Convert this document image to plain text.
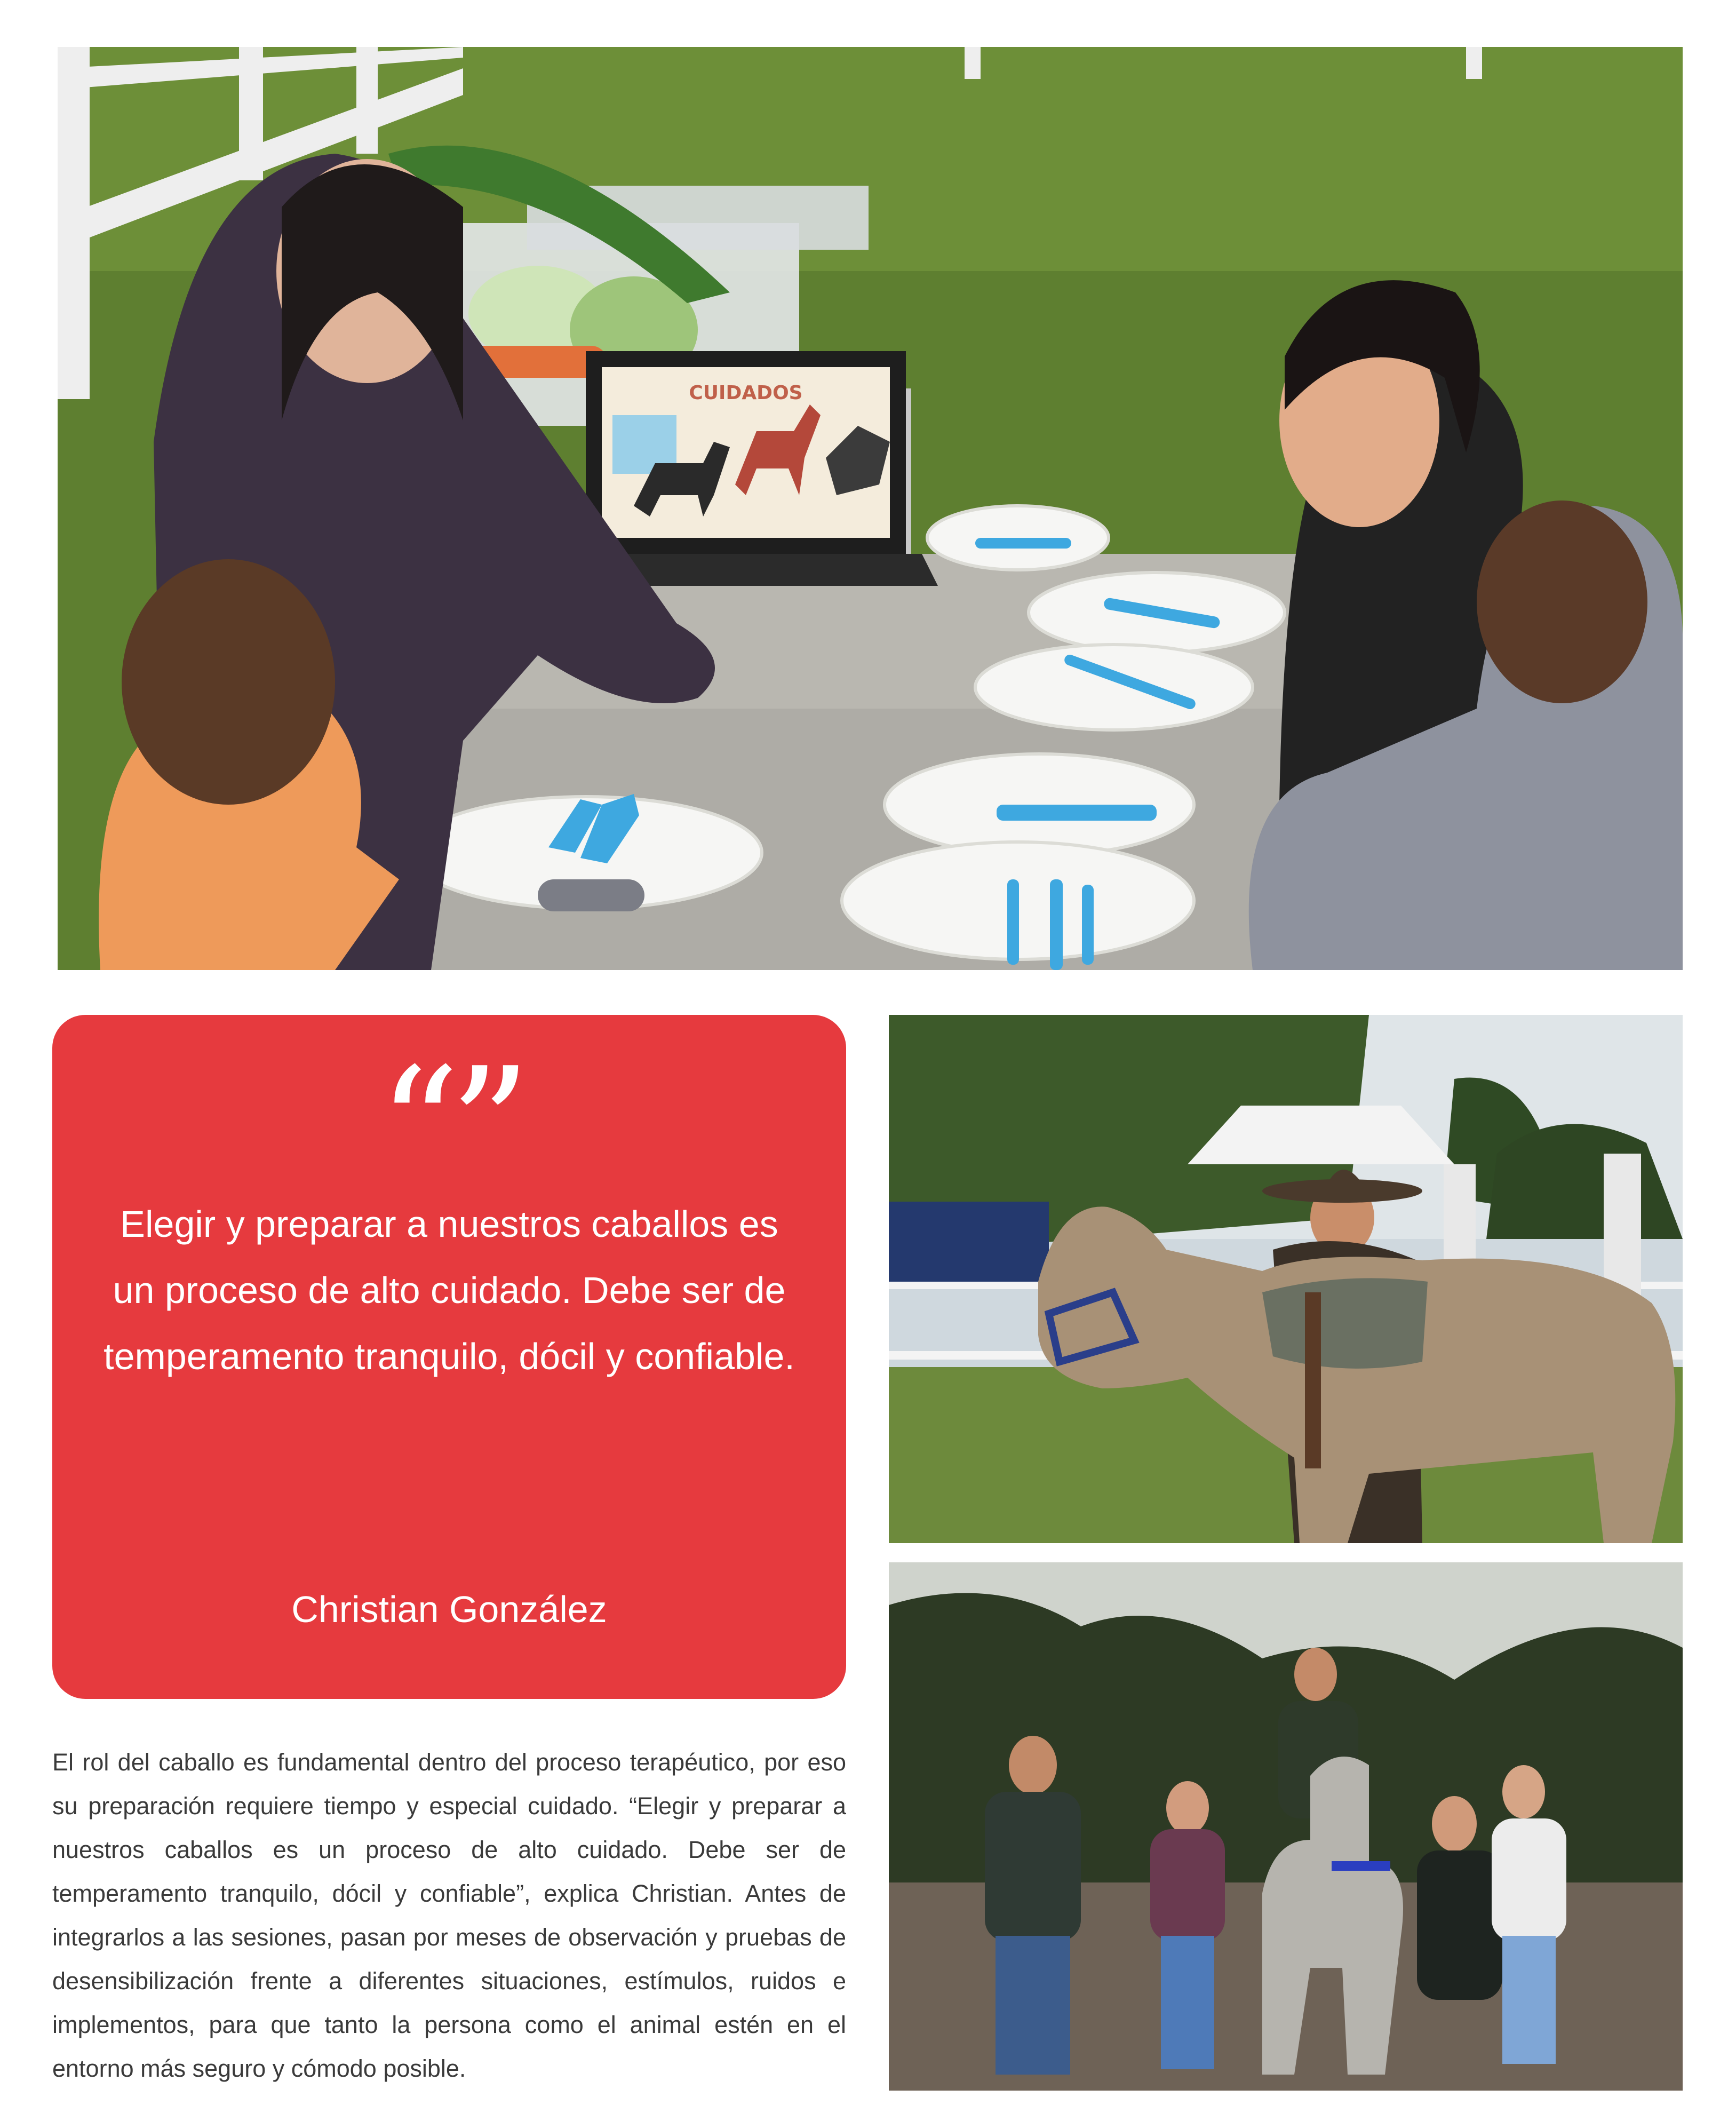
CUIDADOS
“”
Elegir y preparar a nuestros caballos es un proceso de alto cuidado. Debe ser de temperamento tranquilo, dócil y confiable.
Christian González
El rol del caballo es fundamental dentro del proceso terapéutico, por eso su preparación requiere tiempo y especial cuidado. “Elegir y preparar a nuestros caballos es un proceso de alto cuidado. Debe ser de temperamento tranquilo, dócil y confiable”, explica Christian. Antes de integrarlos a las sesiones, pasan por meses de observación y pruebas de desensibilización frente a diferentes situaciones, estímulos, ruidos e implementos, para que tanto la persona como el animal estén en el entorno más seguro y cómodo posible.
